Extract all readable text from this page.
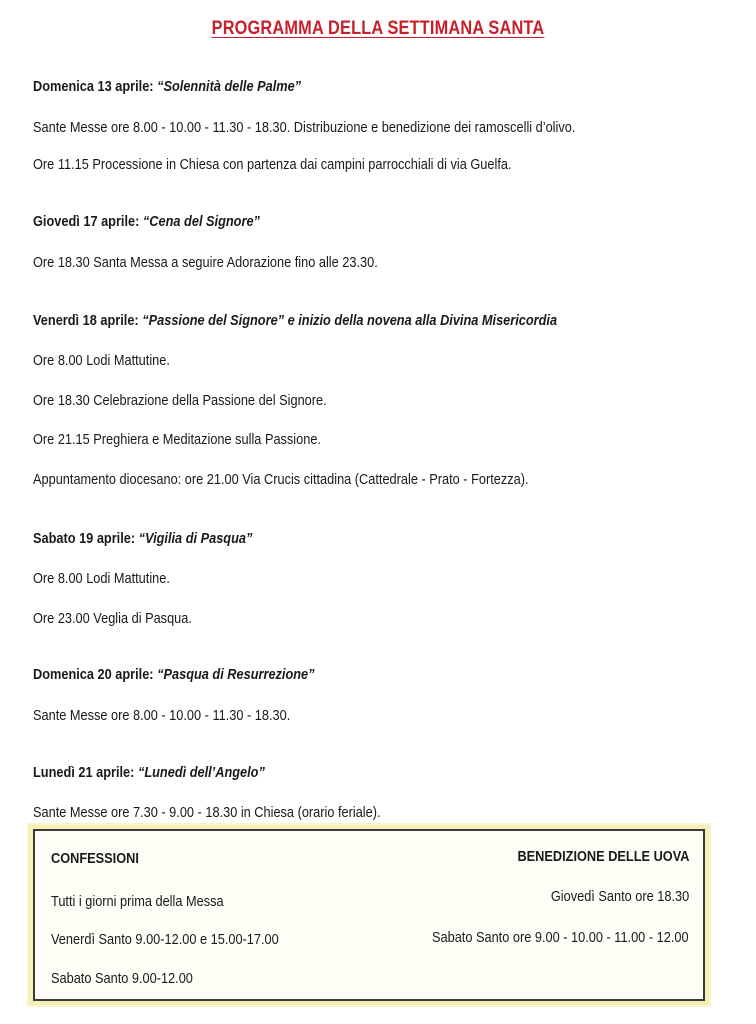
PROGRAMMA DELLA SETTIMANA SANTA
Domenica 13 aprile: “Solennità delle Palme”
Sante Messe ore 8.00 - 10.00 - 11.30 - 18.30. Distribuzione e benedizione dei ramoscelli d’olivo.
Ore 11.15 Processione in Chiesa con partenza dai campini parrocchiali di via Guelfa.
Giovedì 17 aprile: “Cena del Signore”
Ore 18.30 Santa Messa a seguire Adorazione fino alle 23.30.
Venerdì 18 aprile: “Passione del Signore” e inizio della novena alla Divina Misericordia
Ore 8.00 Lodi Mattutine.
Ore 18.30 Celebrazione della Passione del Signore.
Ore 21.15 Preghiera e Meditazione sulla Passione.
Appuntamento diocesano: ore 21.00 Via Crucis cittadina (Cattedrale - Prato - Fortezza).
Sabato 19 aprile: “Vigilia di Pasqua”
Ore 8.00 Lodi Mattutine.
Ore 23.00 Veglia di Pasqua.
Domenica 20 aprile: “Pasqua di Resurrezione”
Sante Messe ore 8.00 - 10.00 - 11.30 - 18.30.
Lunedì 21 aprile: “Lunedì dell’Angelo”
Sante Messe ore 7.30 - 9.00 - 18.30 in Chiesa (orario feriale).
CONFESSIONI
Tutti i giorni prima della Messa
Venerdì Santo 9.00-12.00 e 15.00-17.00
Sabato Santo 9.00-12.00
BENEDIZIONE DELLE UOVA
Giovedì Santo ore 18.30
Sabato Santo ore 9.00 - 10.00 - 11.00 - 12.00
